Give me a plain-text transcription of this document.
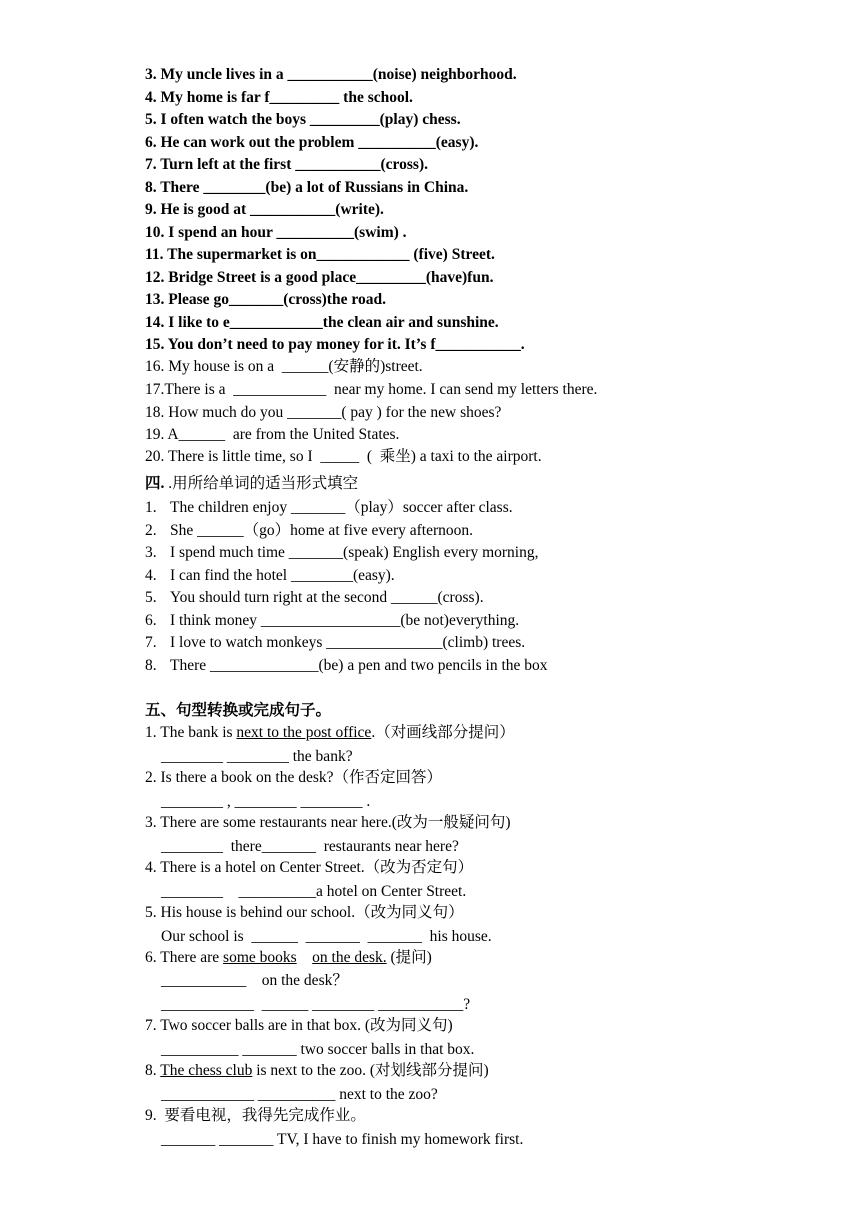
3. My uncle lives in a ___________(noise) neighborhood.
4. My home is far f_________ the school.
5. I often watch the boys _________(play) chess.
6. He can work out the problem __________(easy).
7. Turn left at the first ___________(cross).
8. There ________(be) a lot of Russians in China.
9. He is good at ___________(write).
10. I spend an hour __________(swim) .
11. The supermarket is on____________ (five) Street.
12. Bridge Street is a good place_________(have)fun.
13. Please go_______(cross)the road.
14. I like to e____________the clean air and sunshine.
15. You don’t need to pay money for it. It’s f___________.
16. My house is on a  ______(安静的)street.
17.There is a  ____________  near my home. I can send my letters there.
18. How much do you _______( pay ) for the new shoes?
19. A______  are from the United States.
20. There is little time, so I  _____  (  乘坐) a taxi to the airport.
四. .用所给单词的适当形式填空
1. The children enjoy _______（play）soccer after class.
2. She ______（go）home at five every afternoon.
3. I spend much time _______(speak) English every morning,
4. I can find the hotel ________(easy).
5. You should turn right at the second ______(cross).
6. I think money __________________(be not)everything.
7. I love to watch monkeys _______________(climb) trees.
8. There ______________(be) a pen and two pencils in the box
五、句型转换或完成句子。
1. The bank is next to the post office.（对画线部分提问）
________ ________ the bank?
2. Is there a book on the desk?（作否定回答）
________ , ________ ________ .
3. There are some restaurants near here.(改为一般疑问句)
________  there_______  restaurants near here?
4. There is a hotel on Center Street.（改为否定句）
________    __________a hotel on Center Street.
5. His house is behind our school.（改为同义句）
Our school is  ______  _______  _______  his house.
6. There are some books on the desk. (提问)
___________    on the desk？
____________  ______ ________ ___________?
7. Two soccer balls are in that box. (改为同义句)
__________ _______ two soccer balls in that box.
8. The chess club is next to the zoo. (对划线部分提问)
____________ __________ next to the zoo?
9.  要看电视，我得先完成作业。
_______ _______ TV, I have to finish my homework first.
